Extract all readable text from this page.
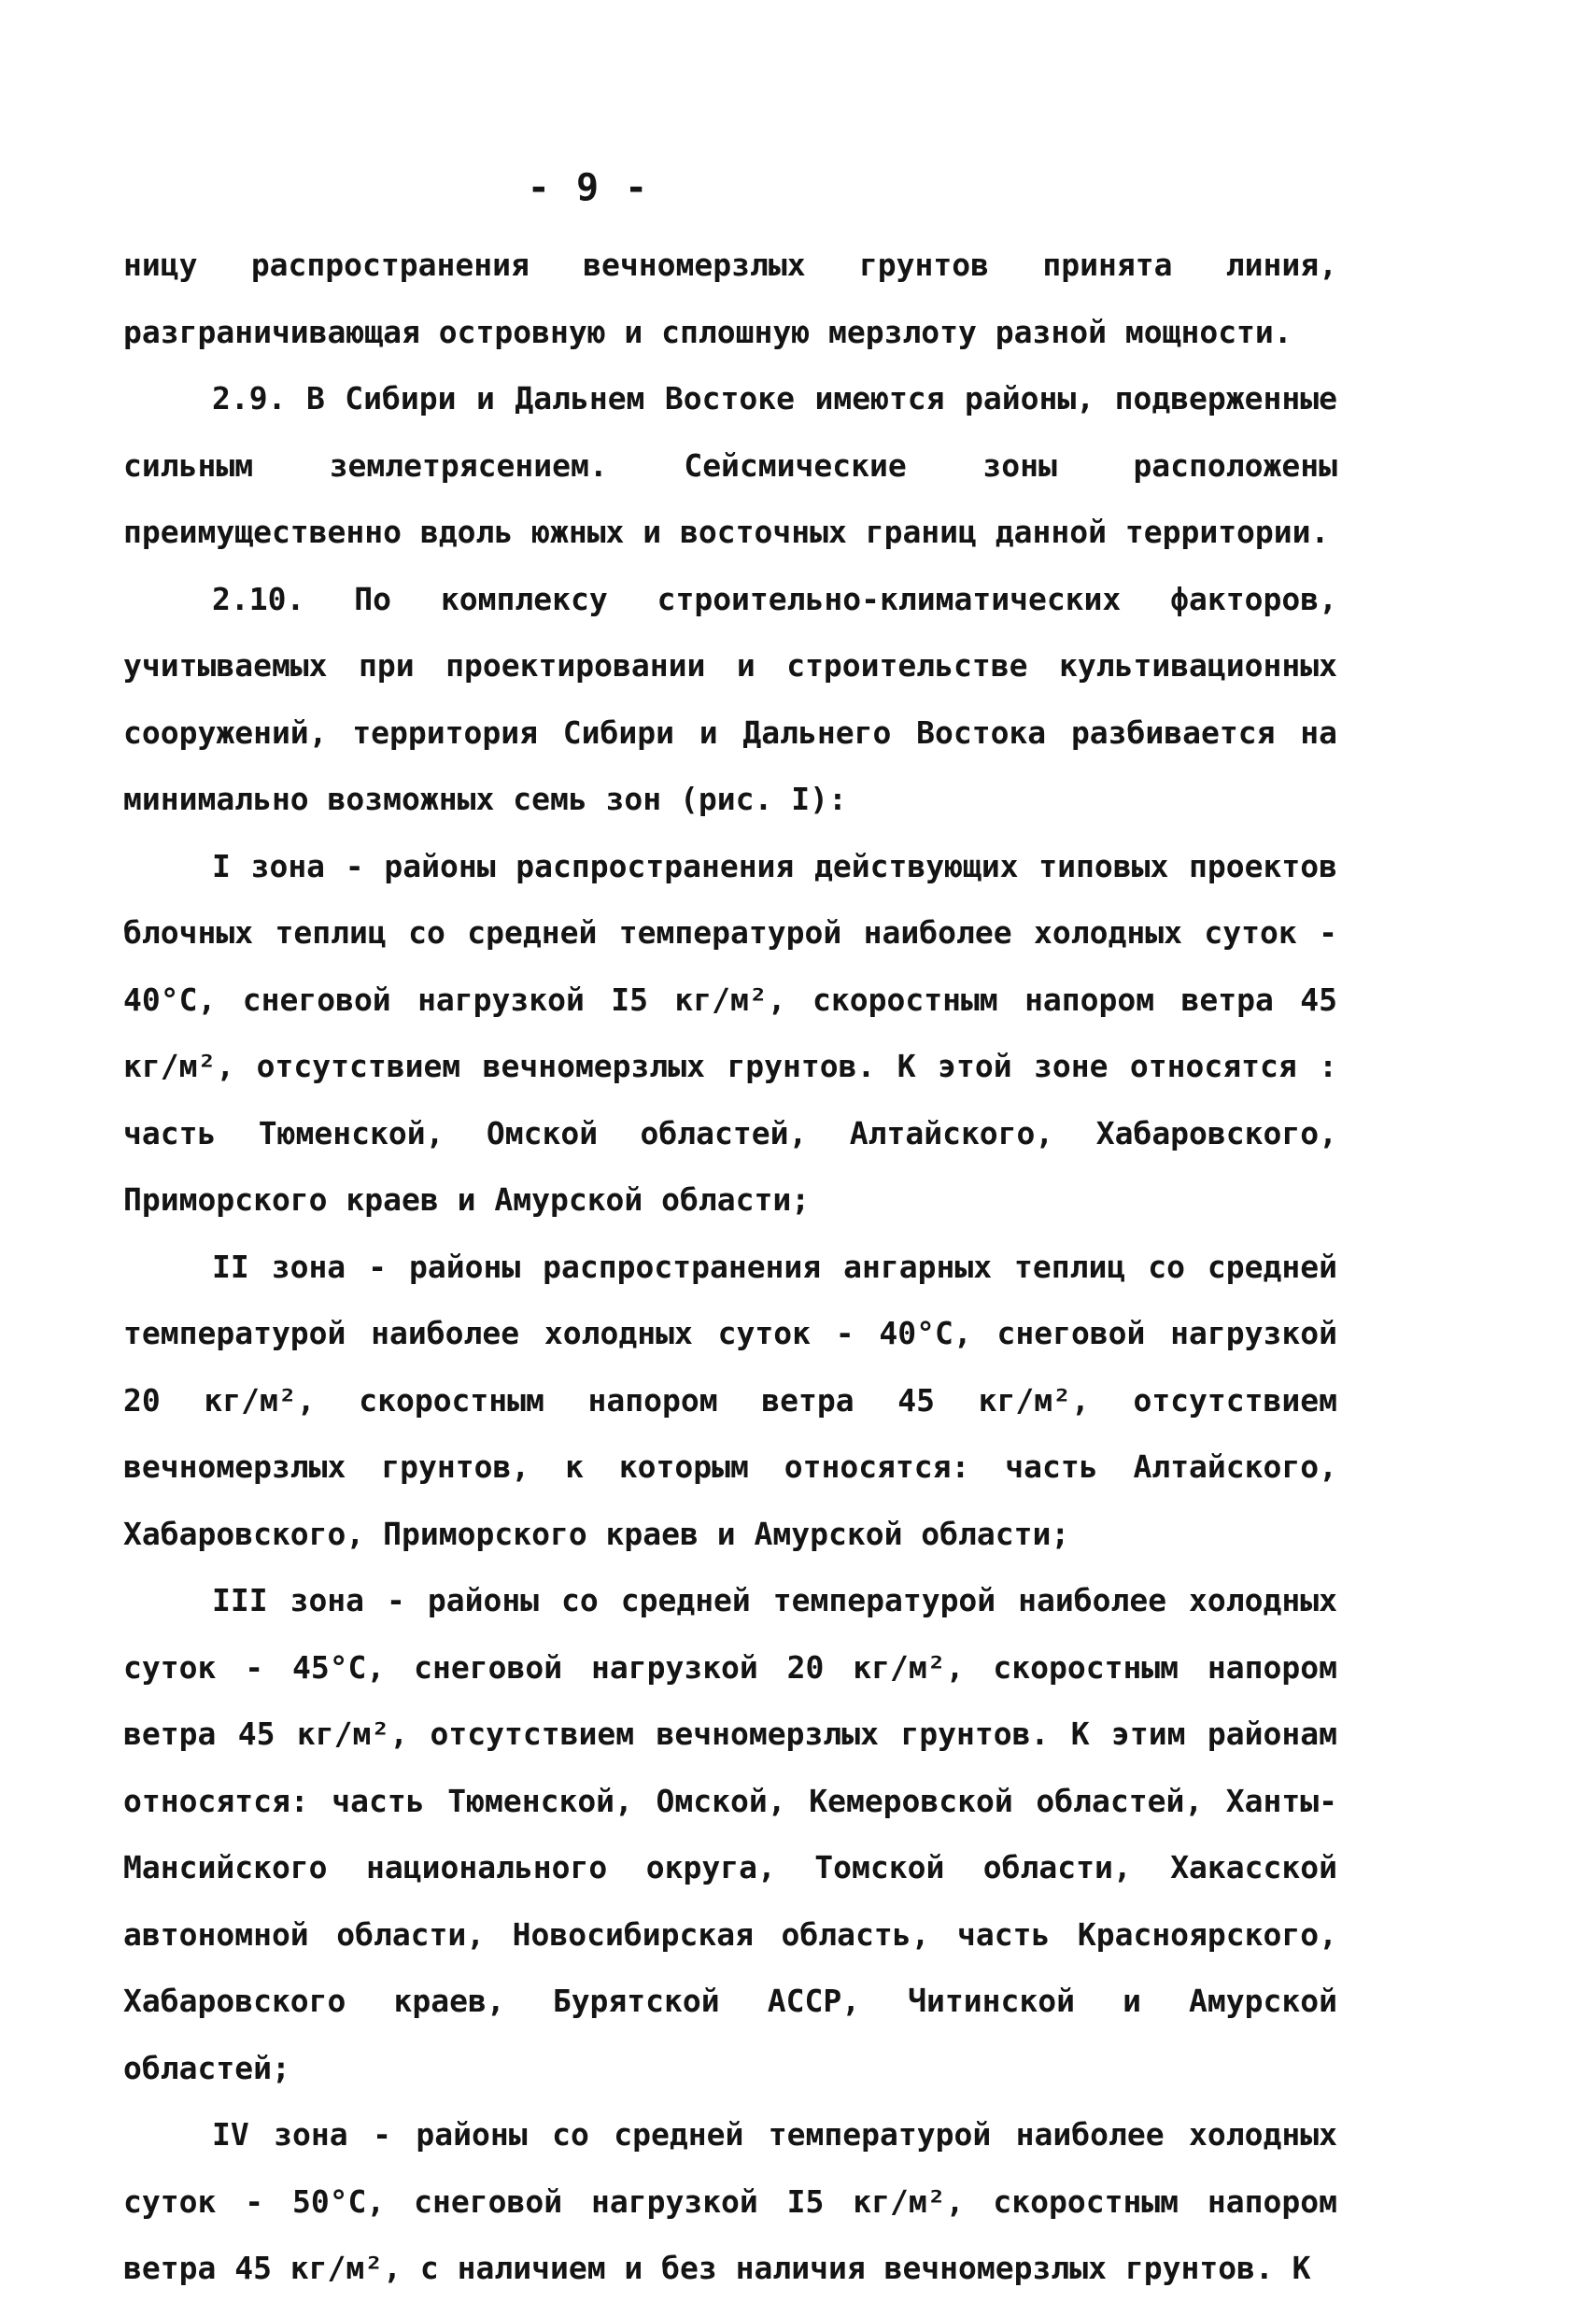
- 9 -

ницу распространения вечномерзлых грунтов принята линия, разграничивающая островную и сплошную мерзлоту разной мощности.

2.9. В Сибири и Дальнем Востоке имеются районы, подверженные сильным землетрясением. Сейсмические зоны расположены преимущественно вдоль южных и восточных границ данной территории.

2.10. По комплексу строительно-климатических факторов, учитываемых при проектировании и строительстве культивационных сооружений, территория Сибири и Дальнего Востока разбивается на минимально возможных семь зон (рис. I):

I зона - районы распространения действующих типовых проектов блочных теплиц со средней температурой наиболее холодных суток - 40°С, снеговой нагрузкой I5 кг/м², скоростным напором ветра 45 кг/м², отсутствием вечномерзлых грунтов. К этой зоне относятся : часть Тюменской, Омской областей, Алтайского, Хабаровского, Приморского краев и Амурской области;

II зона - районы распространения ангарных теплиц со средней температурой наиболее холодных суток - 40°С, снеговой нагрузкой 20 кг/м², скоростным напором ветра 45 кг/м², отсутствием вечномерзлых грунтов, к которым относятся: часть Алтайского, Хабаровского, Приморского краев и Амурской области;

III зона - районы со средней температурой наиболее холодных суток - 45°С, снеговой нагрузкой 20 кг/м², скоростным напором ветра 45 кг/м², отсутствием вечномерзлых грунтов. К этим районам относятся: часть Тюменской, Омской, Кемеровской областей, Ханты-Мансийского национального округа, Томской области, Хакасской автономной области, Новосибирская область, часть Красноярского, Хабаровского краев, Бурятской АССР, Читинской и Амурской областей;

IV зона - районы со средней температурой наиболее холодных суток - 50°С, снеговой нагрузкой I5 кг/м², скоростным напором ветра 45 кг/м², с наличием и без наличия вечномерзлых грунтов. К
